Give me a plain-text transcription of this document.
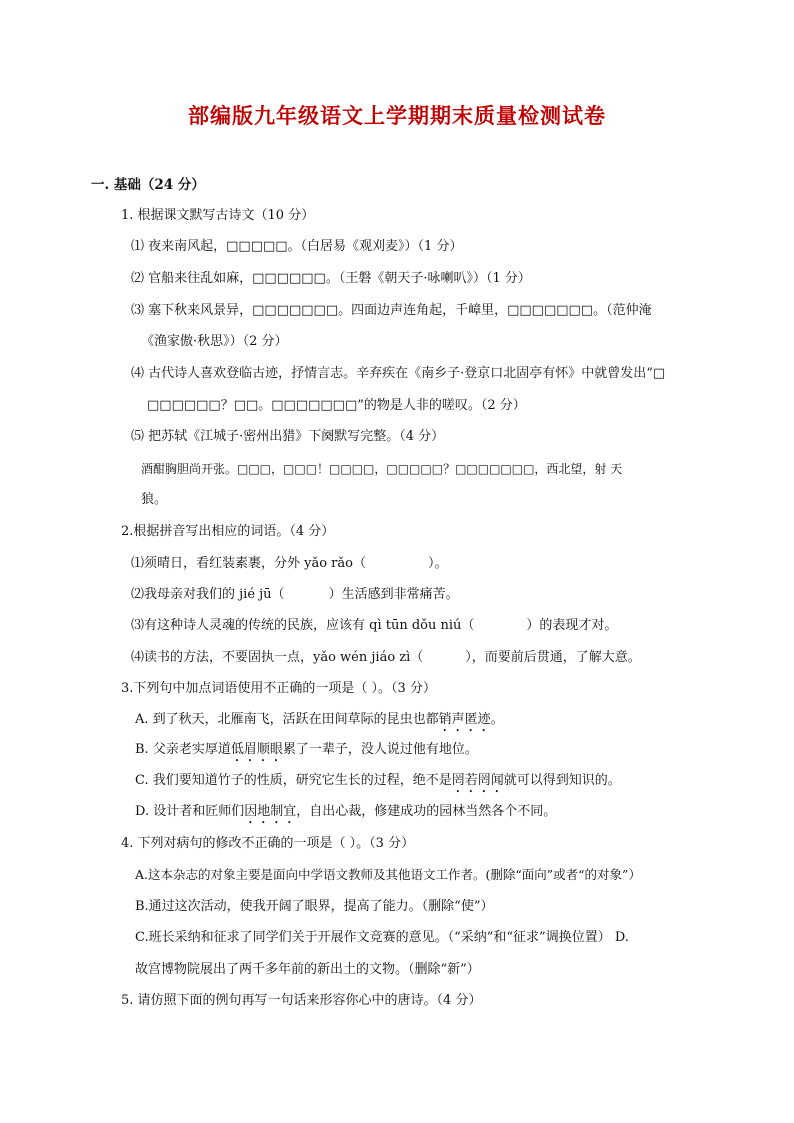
部编版九年级语文上学期期末质量检测试卷
一. 基础（24 分）
1. 根据课文默写古诗文（10 分）
⑴ 夜来南风起，□□□□□。（白居易《观刈麦》）（1 分）
⑵ 官船来往乱如麻，□□□□□□。（王磐《朝天子·咏喇叭》）（1 分）
⑶ 塞下秋来风景异，□□□□□□□。四面边声连角起，千嶂里，□□□□□□□。（范仲淹
《渔家傲·秋思》）（2 分）
⑷ 古代诗人喜欢登临古迹，抒情言志。辛弃疾在《南乡子·登京口北固亭有怀》中就曾发出“□
□□□□□□？□□。□□□□□□□”的物是人非的嗟叹。（2 分）
⑸ 把苏轼《江城子·密州出猎》下阕默写完整。（4 分）
酒酣胸胆尚开张。□□□，□□□！□□□□，□□□□□？□□□□□□□，西北望，射 天
狼。
2.根据拼音写出相应的词语。（4 分）
⑴须晴日，看红装素裹，分外 yǎo rǎo（	）。
⑵我母亲对我们的 jié jū（	）生活感到非常痛苦。
⑶有这种诗人灵魂的传统的民族，应该有 qì tūn dǒu niú（	）的表现才对。
⑷读书的方法，不要固执一点，yǎo wén jiáo zì（	），而要前后贯通，了解大意。
3.下列句中加点词语使用不正确的一项是（ ）。（3 分）
A. 到了秋天，北雁南飞，活跃在田间草际的昆虫也都销声匿迹。
B. 父亲老实厚道低眉顺眼累了一辈子，没人说过他有地位。
C. 我们要知道竹子的性质，研究它生长的过程，绝不是罔若罔闻就可以得到知识的。
D. 设计者和匠师们因地制宜，自出心裁，修建成功的园林当然各个不同。
4. 下列对病句的修改不正确的一项是（ ）。（3 分）
A.这本杂志的对象主要是面向中学语文教师及其他语文工作者。(删除“面向”或者“的对象”）
B.通过这次活动，使我开阔了眼界，提高了能力。（删除“使”）
C.班长采纳和征求了同学们关于开展作文竞赛的意见。（“采纳”和“征求”调换位置） D.
故宫博物院展出了两千多年前的新出土的文物。（删除“新”）
5. 请仿照下面的例句再写一句话来形容你心中的唐诗。（4 分）
